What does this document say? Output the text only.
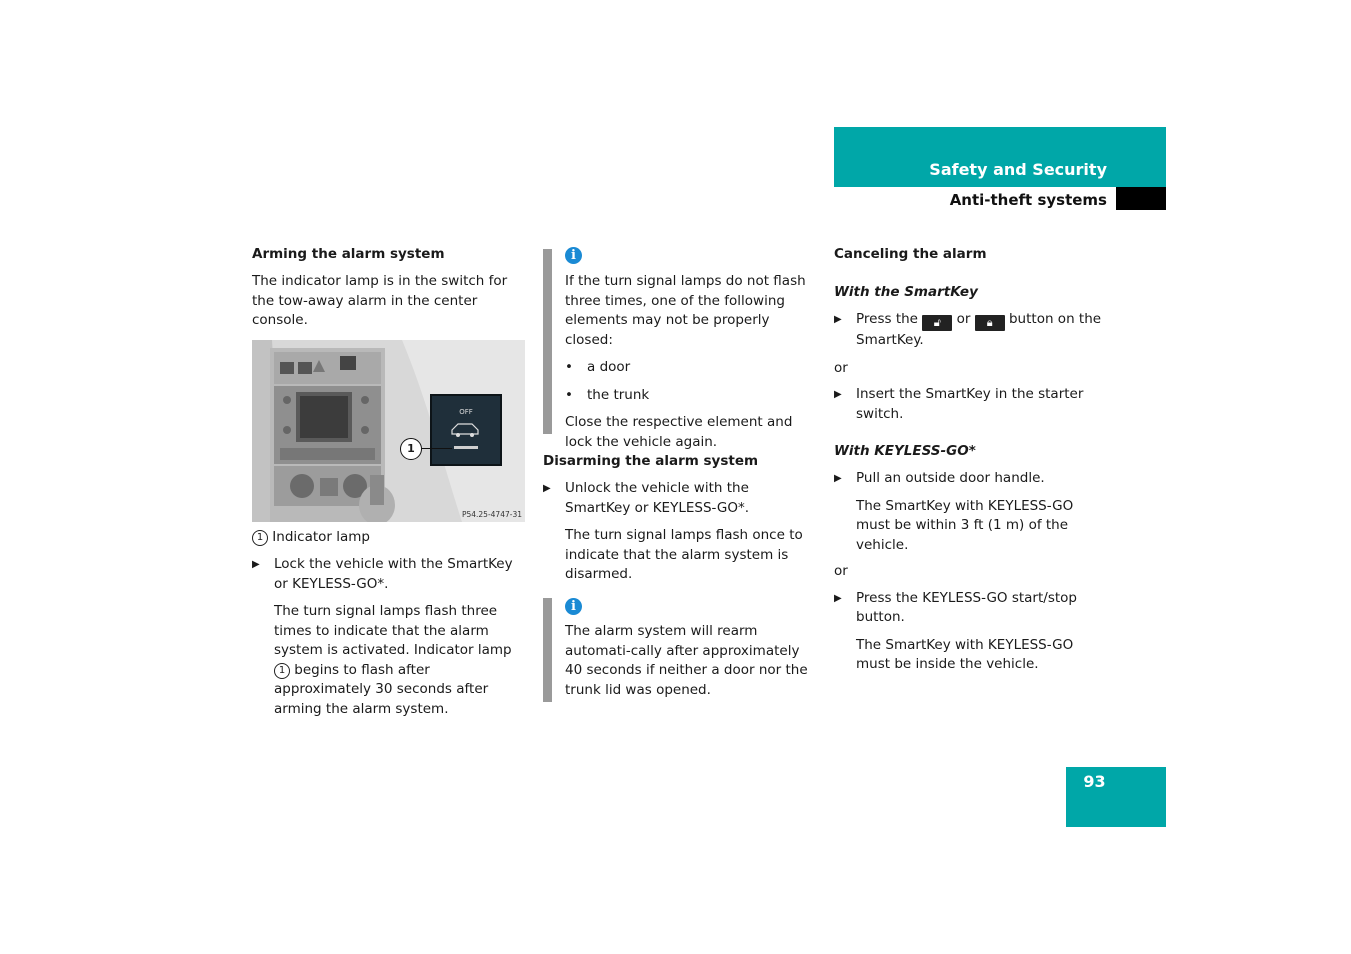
Safety and Security
Anti-theft systems
93

Arming the alarm system

The indicator lamp is in the switch for the tow-away alarm in the center console.

OFF
1
P54.25-4747-31

1 Indicator lamp

▶ Lock the vehicle with the SmartKey or KEYLESS-GO*.

The turn signal lamps flash three times to indicate that the alarm system is activated. Indicator lamp 1 begins to flash after approximately 30 seconds after arming the alarm system.

i

If the turn signal lamps do not flash three times, one of the following elements may not be properly closed:

• a door

• the trunk

Close the respective element and lock the vehicle again.

Disarming the alarm system

▶ Unlock the vehicle with the SmartKey or KEYLESS-GO*.

The turn signal lamps flash once to indicate that the alarm system is disarmed.

i

The alarm system will rearm automati-cally after approximately 40 seconds if neither a door nor the trunk lid was opened.

Canceling the alarm

With the SmartKey

▶ Press the 🔓︎ or 🔒︎ button on the SmartKey.

or

▶ Insert the SmartKey in the starter switch.

With KEYLESS-GO*

▶ Pull an outside door handle.

The SmartKey with KEYLESS-GO must be within 3 ft (1 m) of the vehicle.

or

▶ Press the KEYLESS-GO start/stop button.

The SmartKey with KEYLESS-GO must be inside the vehicle.
